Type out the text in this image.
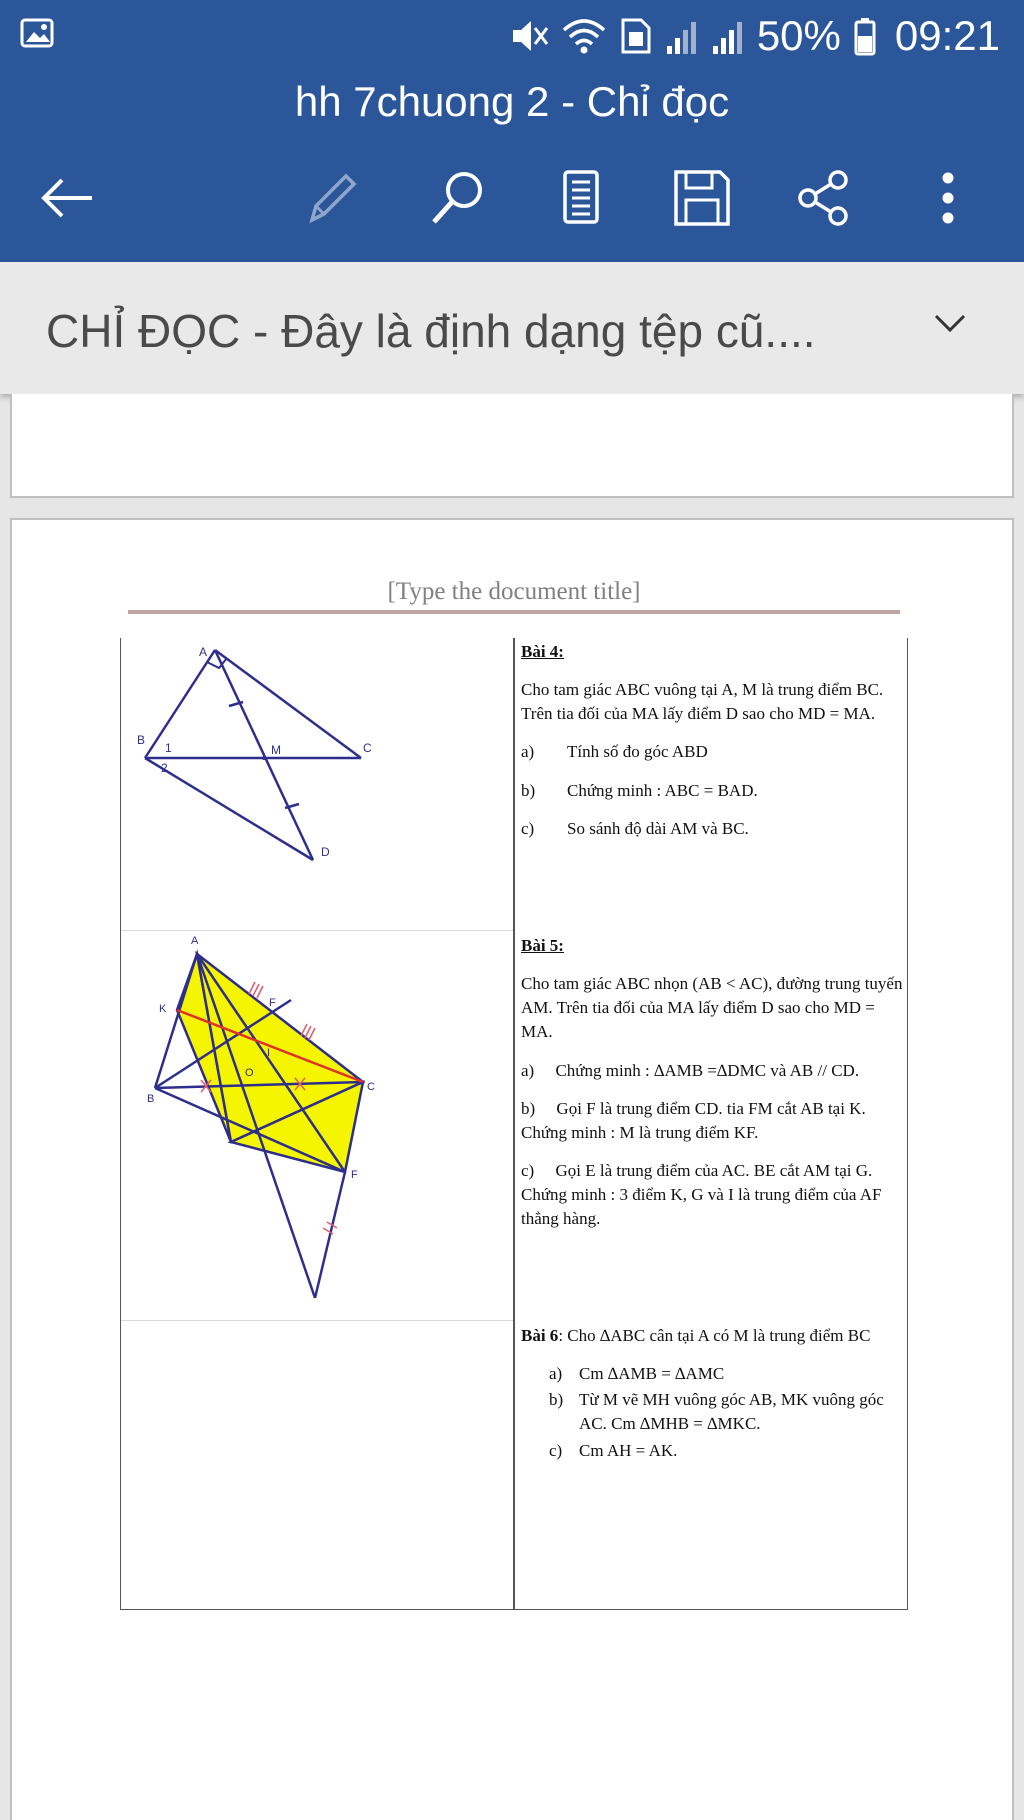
50% 09:21
hh 7chuong 2 - Chỉ đọc
CHỈ ĐỌC - Đây là định dạng tệp cũ....
[Type the document title]
A
B
1
2
M	C
D
A
K	F
O
I
B
C
F

Bài 4:

Cho tam giác ABC vuông tại A, M là trung điểm BC. Trên tia đối của MA lấy điểm D sao cho MD = MA.

a)	Tính số đo góc ABD

b)	Chứng minh : ABC = BAD.

c)	So sánh độ dài AM và BC.

Bài 5:

Cho tam giác ABC nhọn (AB < AC), đường trung tuyến AM. Trên tia đối của MA lấy điểm D sao cho MD = MA.

a) Chứng minh : ∆AMB =∆DMC và AB // CD.

b) Gọi F là trung điểm CD. tia FM cắt AB tại K. Chứng minh : M là trung điểm KF.

c) Gọi E là trung điểm của AC. BE cắt AM tại G. Chứng minh : 3 điểm K, G và I là trung điểm của AF thẳng hàng.

Bài 6: Cho ∆ABC cân tại A có M là trung điểm BC

a) Cm ∆AMB = ∆AMC

b) Từ M vẽ MH vuông góc AB, MK vuông góc AC. Cm ∆MHB = ∆MKC.

c) Cm AH = AK.
